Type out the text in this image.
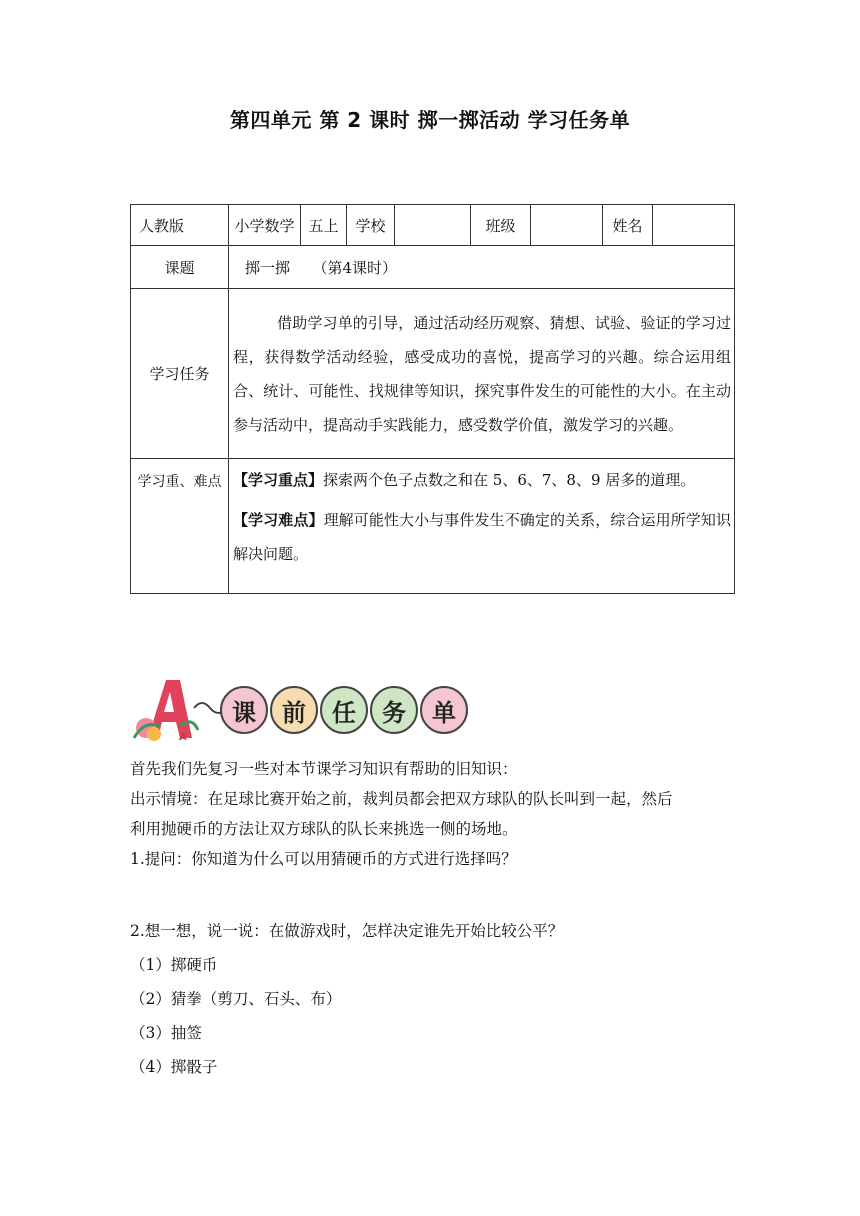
第四单元 第 2 课时 掷一掷活动 学习任务单
人教版	小学数学	五上	学校		班级		姓名	
课题	掷一掷　　（第4课时）							
学习任务	借助学习单的引导，通过活动经历观察、猜想、试验、验证的学习过程，获得数学活动经验，感受成功的喜悦，提高学习的兴趣。综合运用组合、统计、可能性、找规律等知识，探究事件发生的可能性的大小。在主动参与活动中，提高动手实践能力，感受数学价值，激发学习的兴趣。							
学习重、难点	【学习重点】探索两个色子点数之和在 5、6、7、8、9 居多的道理。
【学习难点】理解可能性大小与事件发生不确定的关系，综合运用所学知识解决问题。							
A
课 前 任 务 单

首先我们先复习一些对本节课学习知识有帮助的旧知识：

出示情境：在足球比赛开始之前，裁判员都会把双方球队的队长叫到一起，然后

利用抛硬币的方法让双方球队的队长来挑选一侧的场地。

1.提问：你知道为什么可以用猜硬币的方式进行选择吗？

2.想一想，说一说：在做游戏时，怎样决定谁先开始比较公平？

（1）掷硬币

（2）猜拳（剪刀、石头、布）

（3）抽签

（4）掷骰子
